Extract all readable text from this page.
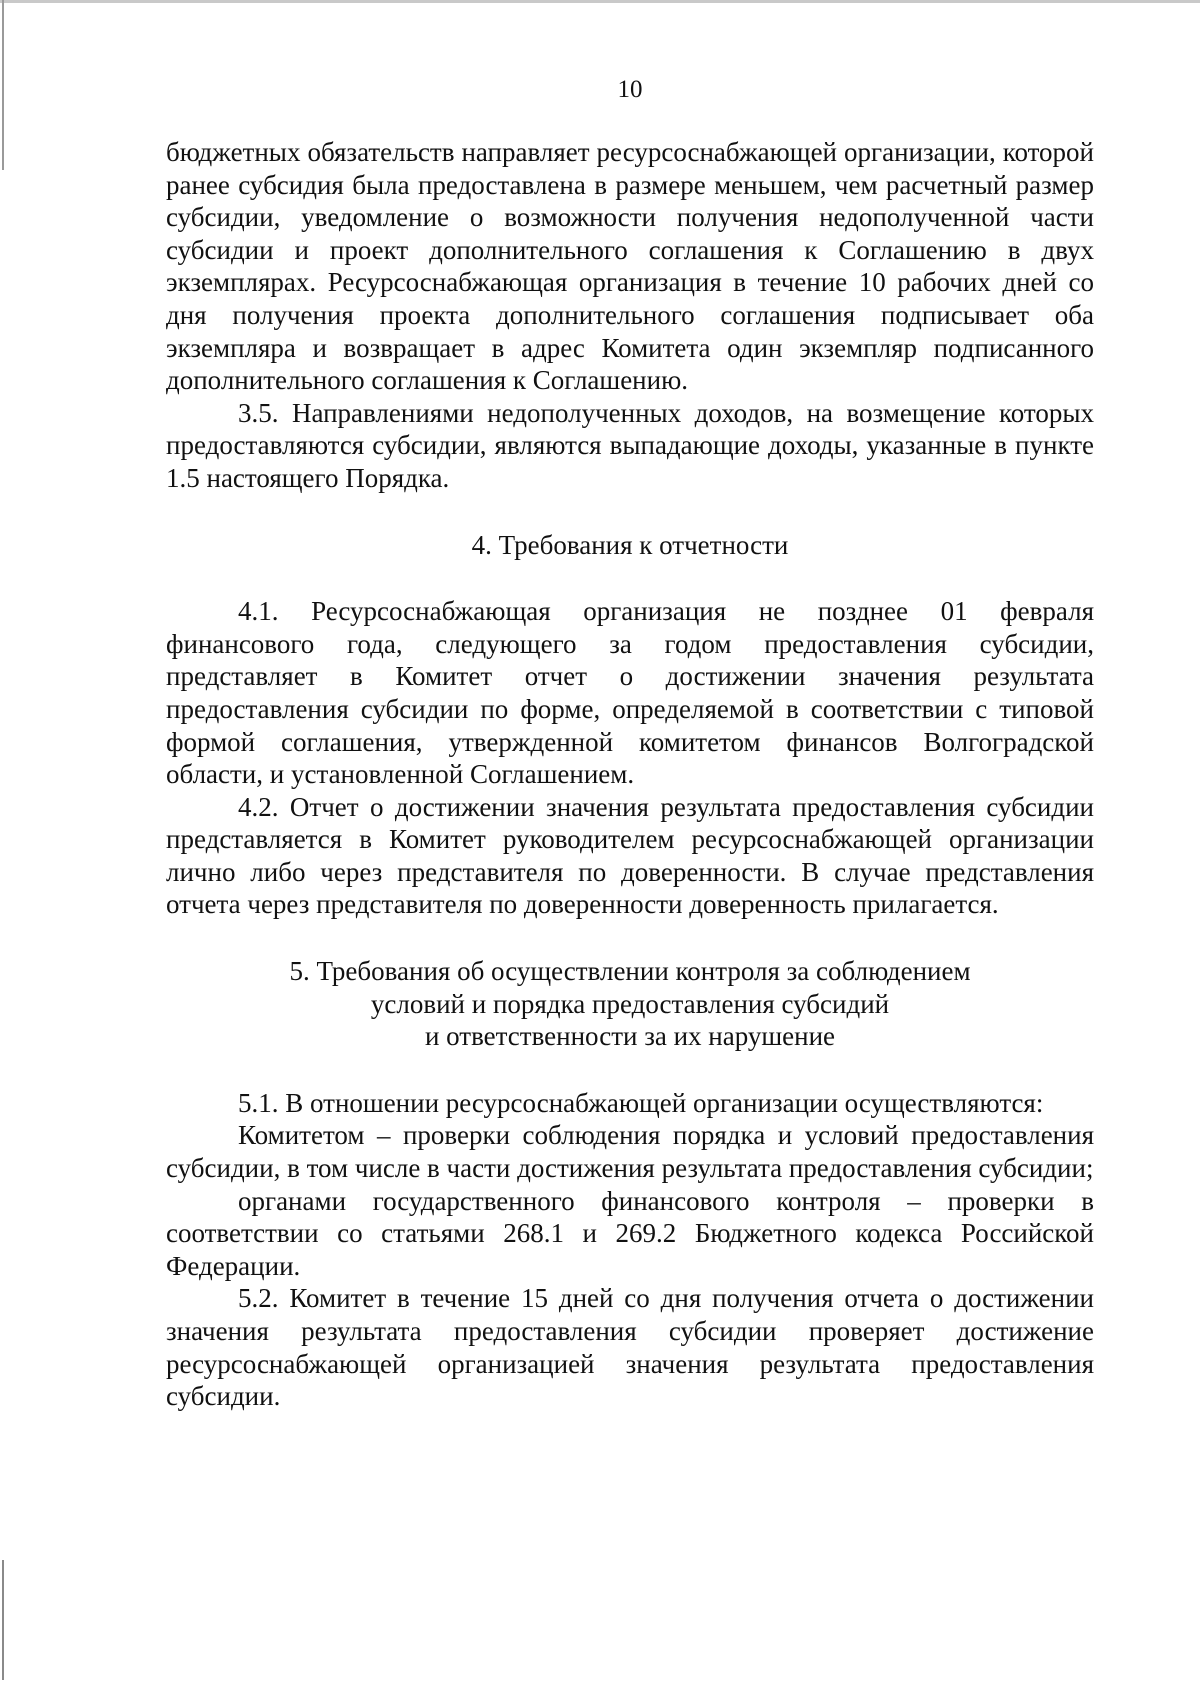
10

бюджетных обязательств направляет ресурсоснабжающей организации, которой ранее субсидия была предоставлена в размере меньшем, чем расчетный размер субсидии, уведомление о возможности получения недополученной части субсидии и проект дополнительного соглашения к Соглашению в двух экземплярах. Ресурсоснабжающая организация в течение 10 рабочих дней со дня получения проекта дополнительного соглашения подписывает оба экземпляра и возвращает в адрес Комитета один экземпляр подписанного дополнительного соглашения к Соглашению.

3.5. Направлениями недополученных доходов, на возмещение которых предоставляются субсидии, являются выпадающие доходы, указанные в пункте 1.5 настоящего Порядка.

4. Требования к отчетности

4.1. Ресурсоснабжающая организация не позднее 01 февраля финансового года, следующего за годом предоставления субсидии, представляет в Комитет отчет о достижении значения результата предоставления субсидии по форме, определяемой в соответствии с типовой формой соглашения, утвержденной комитетом финансов Волгоградской области, и установленной Соглашением.

4.2. Отчет о достижении значения результата предоставления субсидии представляется в Комитет руководителем ресурсоснабжающей организации лично либо через представителя по доверенности. В случае представления отчета через представителя по доверенности доверенность прилагается.

5. Требования об осуществлении контроля за соблюдением

условий и порядка предоставления субсидий

и ответственности за их нарушение

5.1. В отношении ресурсоснабжающей организации осуществляются:

Комитетом – проверки соблюдения порядка и условий предоставления субсидии, в том числе в части достижения результата предоставления субсидии;

органами государственного финансового контроля – проверки в соответствии со статьями 268.1 и 269.2 Бюджетного кодекса Российской Федерации.

5.2. Комитет в течение 15 дней со дня получения отчета о достижении значения результата предоставления субсидии проверяет достижение ресурсоснабжающей организацией значения результата предоставления субсидии.
